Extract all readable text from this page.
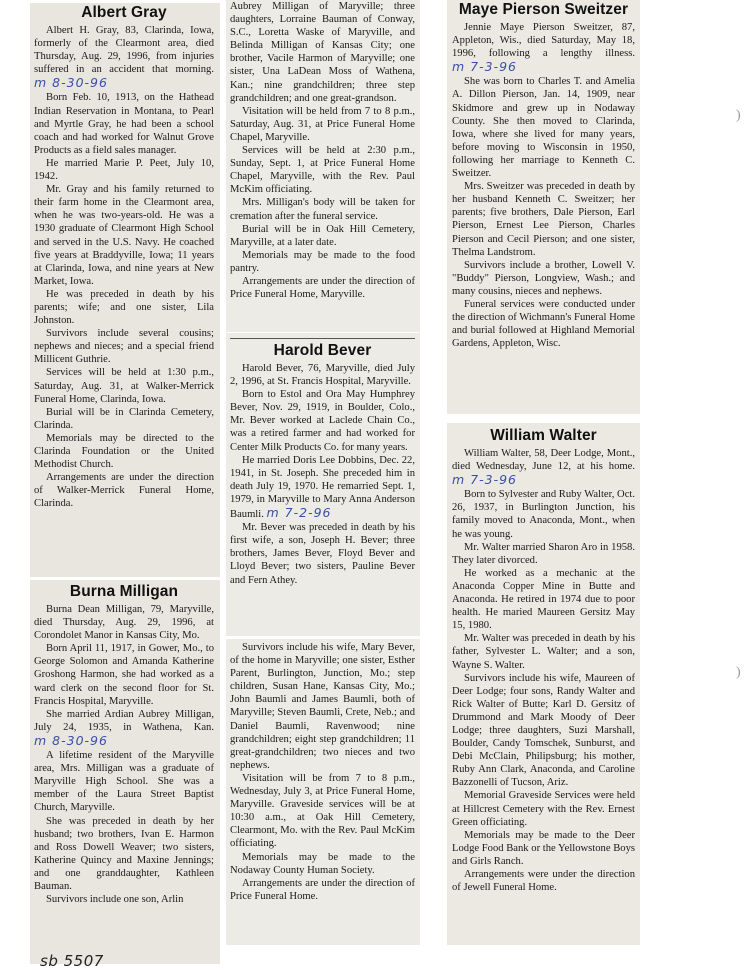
Albert Gray

Albert H. Gray, 83, Clarinda, Iowa, formerly of the Clearmont area, died Thursday, Aug. 29, 1996, from injuries suffered in an accident that morning. m 8-30-96

Born Feb. 10, 1913, on the Hathead Indian Reservation in Montana, to Pearl and Myrtle Gray, he had been a school coach and had worked for Walnut Grove Products as a field sales manager.

He married Marie P. Peet, July 10, 1942.

Mr. Gray and his family returned to their farm home in the Clearmont area, when he was two-years-old. He was a 1930 graduate of Clearmont High School and served in the U.S. Navy. He coached five years at Braddyville, Iowa; 11 years at Clarinda, Iowa, and nine years at New Market, Iowa.

He was preceded in death by his parents; wife; and one sister, Lila Johnston.

Survivors include several cousins; nephews and nieces; and a special friend Millicent Guthrie.

Services will be held at 1:30 p.m., Saturday, Aug. 31, at Walker-Merrick Funeral Home, Clarinda, Iowa.

Burial will be in Clarinda Cemetery, Clarinda.

Memorials may be directed to the Clarinda Foundation or the United Methodist Church.

Arrangements are under the direction of Walker-Merrick Funeral Home, Clarinda.

Burna Milligan

Burna Dean Milligan, 79, Maryville, died Thursday, Aug. 29, 1996, at Corondolet Manor in Kansas City, Mo.

Born April 11, 1917, in Gower, Mo., to George Solomon and Amanda Katherine Groshong Harmon, she had worked as a ward clerk on the second floor for St. Francis Hospital, Maryville.

She married Ardian Aubrey Milligan, July 24, 1935, in Wathena, Kan. m 8-30-96

A lifetime resident of the Maryville area, Mrs. Milligan was a graduate of Maryville High School. She was a member of the Laura Street Baptist Church, Maryville.

She was preceded in death by her husband; two brothers, Ivan E. Harmon and Ross Dowell Weaver; two sisters, Katherine Quincy and Maxine Jennings; and one granddaughter, Kathleen Bauman.

Survivors include one son, Arlin

Aubrey Milligan of Maryville; three daughters, Lorraine Bauman of Conway, S.C., Loretta Waske of Maryville, and Belinda Milligan of Kansas City; one brother, Vacile Harmon of Maryville; one sister, Una LaDean Moss of Wathena, Kan.; nine grandchildren; three step grandchildren; and one great-grandson.

Visitation will be held from 7 to 8 p.m., Saturday, Aug. 31, at Price Funeral Home Chapel, Maryville.

Services will be held at 2:30 p.m., Sunday, Sept. 1, at Price Funeral Home Chapel, Maryville, with the Rev. Paul McKim officiating.

Mrs. Milligan's body will be taken for cremation after the funeral service.

Burial will be in Oak Hill Cemetery, Maryville, at a later date.

Memorials may be made to the food pantry.

Arrangements are under the direction of Price Funeral Home, Maryville.

Harold Bever

Harold Bever, 76, Maryville, died July 2, 1996, at St. Francis Hospital, Maryville.

Born to Estol and Ora May Humphrey Bever, Nov. 29, 1919, in Boulder, Colo., Mr. Bever worked at Laclede Chain Co., was a retired farmer and had worked for Center Milk Products Co. for many years.

He married Doris Lee Dobbins, Dec. 22, 1941, in St. Joseph. She preceded him in death July 19, 1970. He remarried Sept. 1, 1979, in Maryville to Mary Anna Anderson Baumli. m 7-2-96

Mr. Bever was preceded in death by his first wife, a son, Joseph H. Bever; three brothers, James Bever, Floyd Bever and Lloyd Bever; two sisters, Pauline Bever and Fern Athey.

Survivors include his wife, Mary Bever, of the home in Maryville; one sister, Esther Parent, Burlington, Junction, Mo.; step children, Susan Hane, Kansas City, Mo.; John Baumli and James Baumli, both of Maryville; Steven Baumli, Crete, Neb.; and Daniel Baumli, Ravenwood; nine grandchildren; eight step grandchildren; 11 great-grandchildren; two nieces and two nephews.

Visitation will be from 7 to 8 p.m., Wednesday, July 3, at Price Funeral Home, Maryville. Graveside services will be at 10:30 a.m., at Oak Hill Cemetery, Clearmont, Mo. with the Rev. Paul McKim officiating.

Memorials may be made to the Nodaway County Human Society.

Arrangements are under the direction of Price Funeral Home.

Maye Pierson Sweitzer

Jennie Maye Pierson Sweitzer, 87, Appleton, Wis., died Saturday, May 18, 1996, following a lengthy illness. m 7-3-96

She was born to Charles T. and Amelia A. Dillon Pierson, Jan. 14, 1909, near Skidmore and grew up in Nodaway County. She then moved to Clarinda, Iowa, where she lived for many years, before moving to Wisconsin in 1950, following her marriage to Kenneth C. Sweitzer.

Mrs. Sweitzer was preceded in death by her husband Kenneth C. Sweitzer; her parents; five brothers, Dale Pierson, Earl Pierson, Ernest Lee Pierson, Charles Pierson and Cecil Pierson; and one sister, Thelma Landstrom.

Survivors include a brother, Lowell V. "Buddy" Pierson, Longview, Wash.; and many cousins, nieces and nephews.

Funeral services were conducted under the direction of Wichmann's Funeral Home and burial followed at Highland Memorial Gardens, Appleton, Wisc.

William Walter

William Walter, 58, Deer Lodge, Mont., died Wednesday, June 12, at his home. m 7-3-96

Born to Sylvester and Ruby Walter, Oct. 26, 1937, in Burlington Junction, his family moved to Anaconda, Mont., when he was young.

Mr. Walter married Sharon Aro in 1958. They later divorced.

He worked as a mechanic at the Anaconda Copper Mine in Butte and Anaconda. He retired in 1974 due to poor health. He maried Maureen Gersitz May 15, 1980.

Mr. Walter was preceded in death by his father, Sylvester L. Walter; and a son, Wayne S. Walter.

Survivors include his wife, Maureen of Deer Lodge; four sons, Randy Walter and Rick Walter of Butte; Karl D. Gersitz of Drummond and Mark Moody of Deer Lodge; three daughters, Suzi Marshall, Boulder, Candy Tomschek, Sunburst, and Debi McClain, Philipsburg; his mother, Ruby Ann Clark, Anaconda, and Caroline Bazzonelli of Tucson, Ariz.

Memorial Graveside Services were held at Hillcrest Cemetery with the Rev. Ernest Green officiating.

Memorials may be made to the Deer Lodge Food Bank or the Yellowstone Boys and Girls Ranch.

Arrangements were under the direction of Jewell Funeral Home.

)
)
sb 5507
